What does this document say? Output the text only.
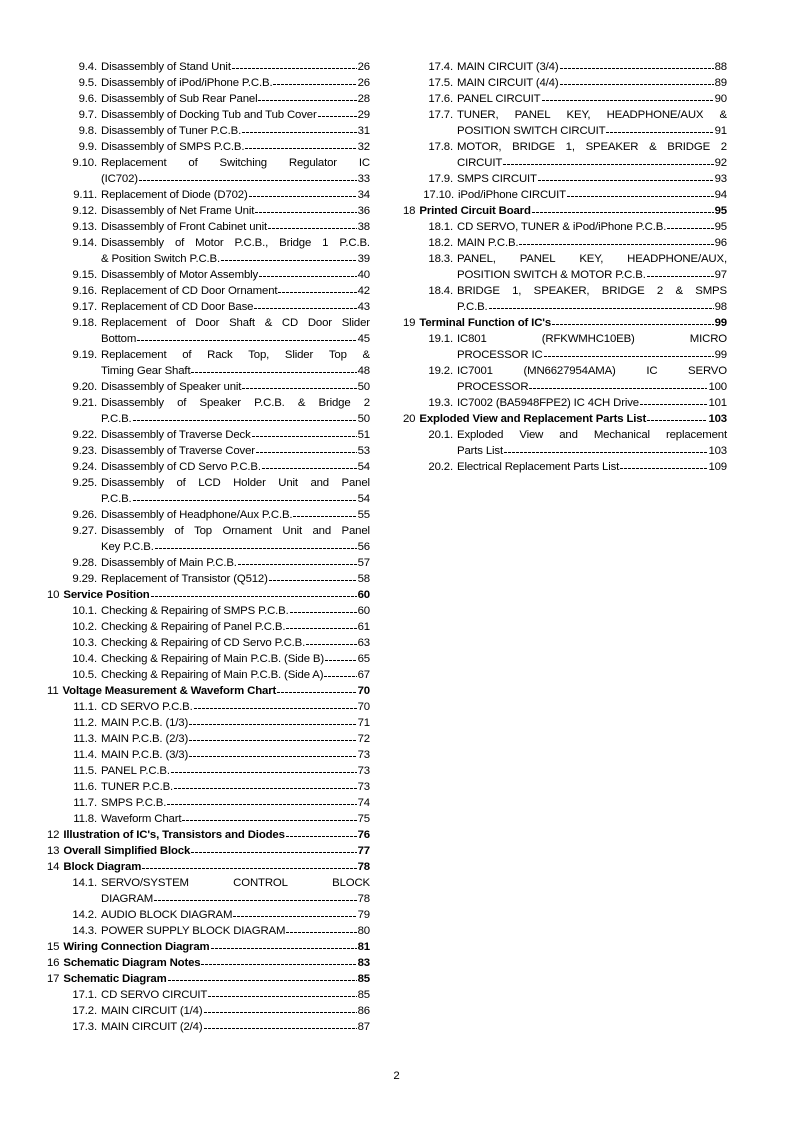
9.4. Disassembly of Stand Unit	26
9.5. Disassembly of iPod/iPhone P.C.B.	26
9.6. Disassembly of Sub Rear Panel	28
9.7. Disassembly of Docking Tub and Tub Cover	29
9.8. Disassembly of Tuner P.C.B.	31
9.9. Disassembly of SMPS P.C.B.	32
9.10. Replacement of Switching Regulator IC
(IC702)	33
9.11. Replacement of Diode (D702)	34
9.12. Disassembly of Net Frame Unit	36
9.13. Disassembly of Front Cabinet unit	38
9.14. Disassembly of Motor P.C.B., Bridge 1 P.C.B.
& Position Switch P.C.B.	39
9.15. Disassembly of Motor Assembly	40
9.16. Replacement of CD Door Ornament	42
9.17. Replacement of CD Door Base	43
9.18. Replacement of Door Shaft & CD Door Slider
Bottom	45
9.19. Replacement of Rack Top, Slider Top &
Timing Gear Shaft	48
9.20. Disassembly of Speaker unit	50
9.21. Disassembly of Speaker P.C.B. & Bridge 2
P.C.B.	50
9.22. Disassembly of Traverse Deck	51
9.23. Disassembly of Traverse Cover	53
9.24. Disassembly of CD Servo P.C.B.	54
9.25. Disassembly of LCD Holder Unit and Panel
P.C.B.	54
9.26. Disassembly of Headphone/Aux P.C.B.	55
9.27. Disassembly of Top Ornament Unit and Panel
Key P.C.B.	56
9.28. Disassembly of Main P.C.B.	57
9.29. Replacement of Transistor (Q512)	58
10 Service Position	60
10.1. Checking & Repairing of SMPS P.C.B.	60
10.2. Checking & Repairing of Panel P.C.B.	61
10.3. Checking & Repairing of CD Servo P.C.B.	63
10.4. Checking & Repairing of Main P.C.B. (Side B)	65
10.5. Checking & Repairing of Main P.C.B. (Side A)	67
11 Voltage Measurement & Waveform Chart	70
11.1. CD SERVO P.C.B.	70
11.2. MAIN P.C.B. (1/3)	71
11.3. MAIN P.C.B. (2/3)	72
11.4. MAIN P.C.B. (3/3)	73
11.5. PANEL P.C.B.	73
11.6. TUNER P.C.B.	73
11.7. SMPS P.C.B.	74
11.8. Waveform Chart	75
12 Illustration of IC's, Transistors and Diodes	76
13 Overall Simplified Block	77
14 Block Diagram	78
14.1. SERVO/SYSTEM	CONTROL	BLOCK
DIAGRAM	78
14.2. AUDIO BLOCK DIAGRAM	79
14.3. POWER SUPPLY BLOCK DIAGRAM	80
15 Wiring Connection Diagram	81
16 Schematic Diagram Notes	83
17 Schematic Diagram	85
17.1. CD SERVO CIRCUIT	85
17.2. MAIN CIRCUIT (1/4)	86
17.3. MAIN CIRCUIT (2/4)	87
17.4. MAIN CIRCUIT (3/4)	88
17.5. MAIN CIRCUIT (4/4)	89
17.6. PANEL CIRCUIT	90
17.7. TUNER, PANEL KEY, HEADPHONE/AUX &
POSITION SWITCH CIRCUIT	91
17.8. MOTOR, BRIDGE 1, SPEAKER & BRIDGE 2
CIRCUIT	92
17.9. SMPS CIRCUIT	93
17.10. iPod/iPhone CIRCUIT	94
18 Printed Circuit Board	95
18.1. CD SERVO, TUNER & iPod/iPhone P.C.B.	95
18.2. MAIN P.C.B.	96
18.3. PANEL, PANEL KEY, HEADPHONE/AUX,
POSITION SWITCH & MOTOR P.C.B.	97
18.4. BRIDGE 1, SPEAKER, BRIDGE 2 & SMPS
P.C.B.	98
19 Terminal Function of IC's	99
19.1. IC801	(RFKWMHC10EB)	MICRO
PROCESSOR IC	99
19.2. IC7001	(MN6627954AMA)	IC	SERVO
PROCESSOR	100
19.3. IC7002 (BA5948FPE2) IC 4CH Drive	101
20 Exploded View and Replacement Parts List	103
20.1. Exploded View and Mechanical replacement
Parts List	103
20.2. Electrical Replacement Parts List	109
2
